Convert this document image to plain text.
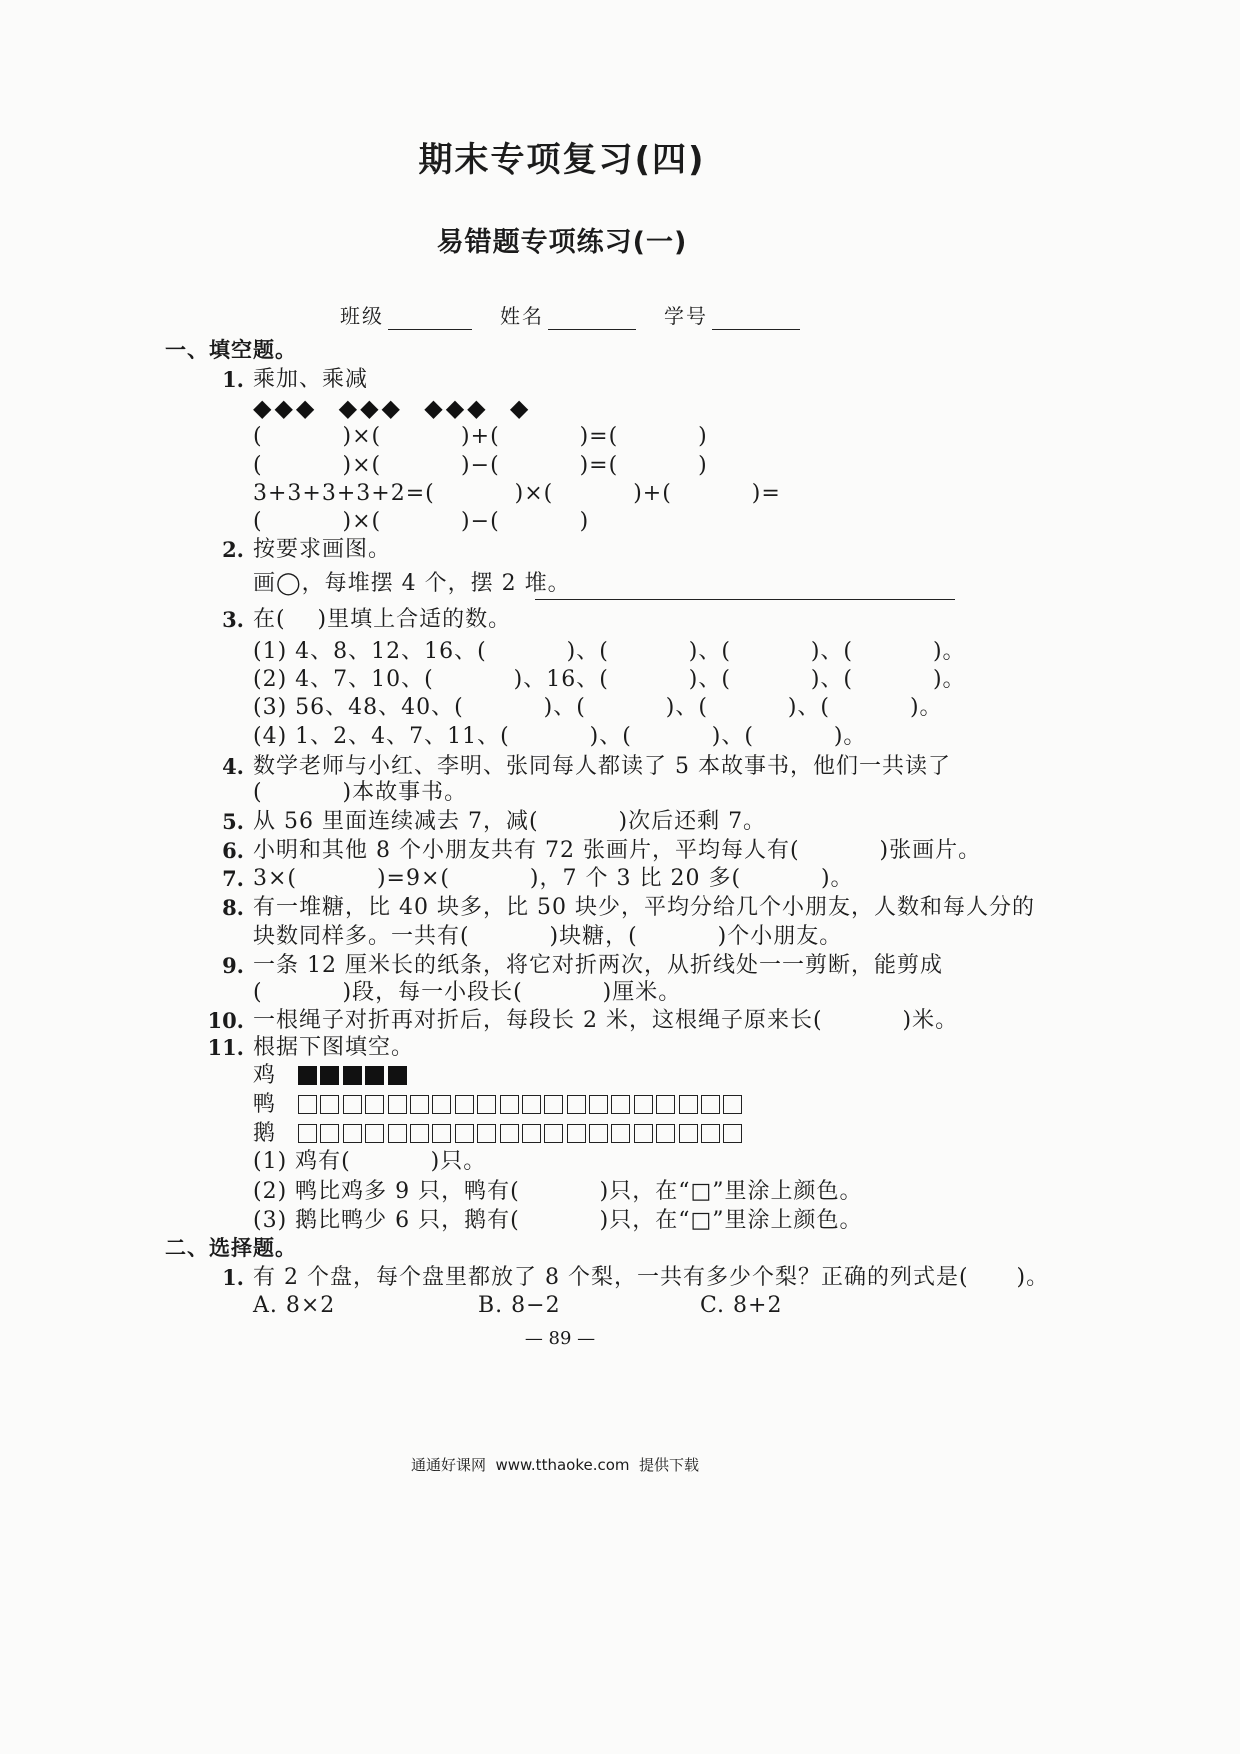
期末专项复习(四)
易错题专项练习(一)
班级	姓名	学号
一、填空题。
1. 乘加、乘减
◆◆◆  ◆◆◆  ◆◆◆  ◆
(          )×(          )+(          )=(          )
(          )×(          )−(          )=(          )
3+3+3+3+2=(          )×(          )+(          )=
(          )×(          )−(          )
2. 按要求画图。
画◯，每堆摆 4 个，摆 2 堆。
3. 在(    )里填上合适的数。
(1) 4、8、12、16、(          )、(          )、(          )、(          )。
(2) 4、7、10、(          )、16、(          )、(          )、(          )。
(3) 56、48、40、(          )、(          )、(          )、(          )。
(4) 1、2、4、7、11、(          )、(          )、(          )。
4. 数学老师与小红、李明、张同每人都读了 5 本故事书，他们一共读了
(          )本故事书。
5. 从 56 里面连续减去 7，减(          )次后还剩 7。
6. 小明和其他 8 个小朋友共有 72 张画片，平均每人有(          )张画片。
7. 3×(          )=9×(          )，7 个 3 比 20 多(          )。
8. 有一堆糖，比 40 块多，比 50 块少，平均分给几个小朋友，人数和每人分的
块数同样多。一共有(          )块糖，(          )个小朋友。
9. 一条 12 厘米长的纸条，将它对折两次，从折线处一一剪断，能剪成
(          )段，每一小段长(          )厘米。
10. 一根绳子对折再对折后，每段长 2 米，这根绳子原来长(          )米。
11. 根据下图填空。
鸡
鸭
鹅
(1) 鸡有(          )只。
(2) 鸭比鸡多 9 只，鸭有(          )只，在“□”里涂上颜色。
(3) 鹅比鸭少 6 只，鹅有(          )只，在“□”里涂上颜色。
二、选择题。
1. 有 2 个盘，每个盘里都放了 8 个梨，一共有多少个梨？正确的列式是(      )。
A. 8×2	B. 8−2	C. 8+2
— 89 —
通通好课网  www.tthaoke.com  提供下载
